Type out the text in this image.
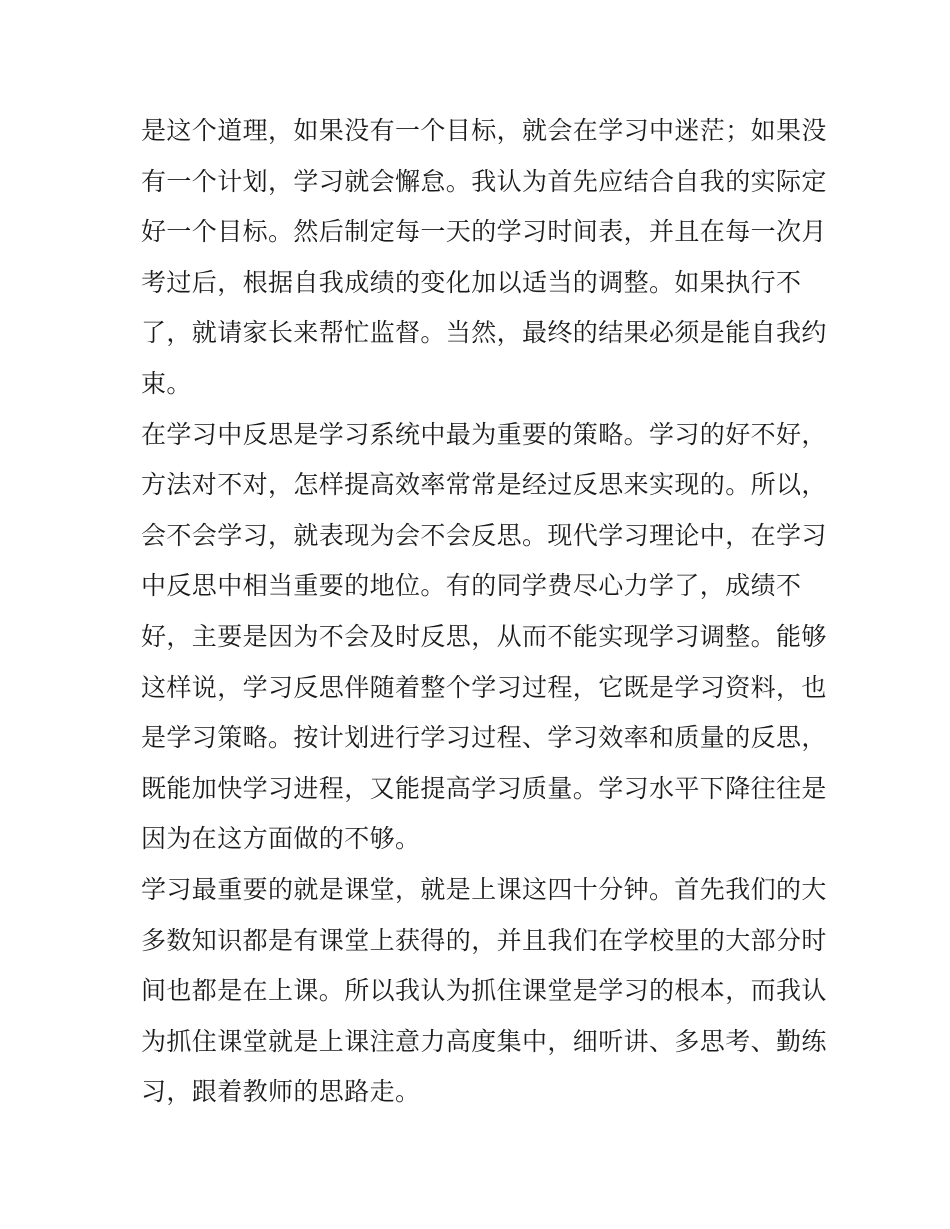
是这个道理，如果没有一个目标，就会在学习中迷茫；如果没
有一个计划，学习就会懈怠。我认为首先应结合自我的实际定
好一个目标。然后制定每一天的学习时间表，并且在每一次月
考过后，根据自我成绩的变化加以适当的调整。如果执行不
了，就请家长来帮忙监督。当然，最终的结果必须是能自我约
束。
在学习中反思是学习系统中最为重要的策略。学习的好不好，
方法对不对，怎样提高效率常常是经过反思来实现的。所以，
会不会学习，就表现为会不会反思。现代学习理论中，在学习
中反思中相当重要的地位。有的同学费尽心力学了，成绩不
好，主要是因为不会及时反思，从而不能实现学习调整。能够
这样说，学习反思伴随着整个学习过程，它既是学习资料，也
是学习策略。按计划进行学习过程、学习效率和质量的反思，
既能加快学习进程，又能提高学习质量。学习水平下降往往是
因为在这方面做的不够。
学习最重要的就是课堂，就是上课这四十分钟。首先我们的大
多数知识都是有课堂上获得的，并且我们在学校里的大部分时
间也都是在上课。所以我认为抓住课堂是学习的根本，而我认
为抓住课堂就是上课注意力高度集中，细听讲、多思考、勤练
习，跟着教师的思路走。
